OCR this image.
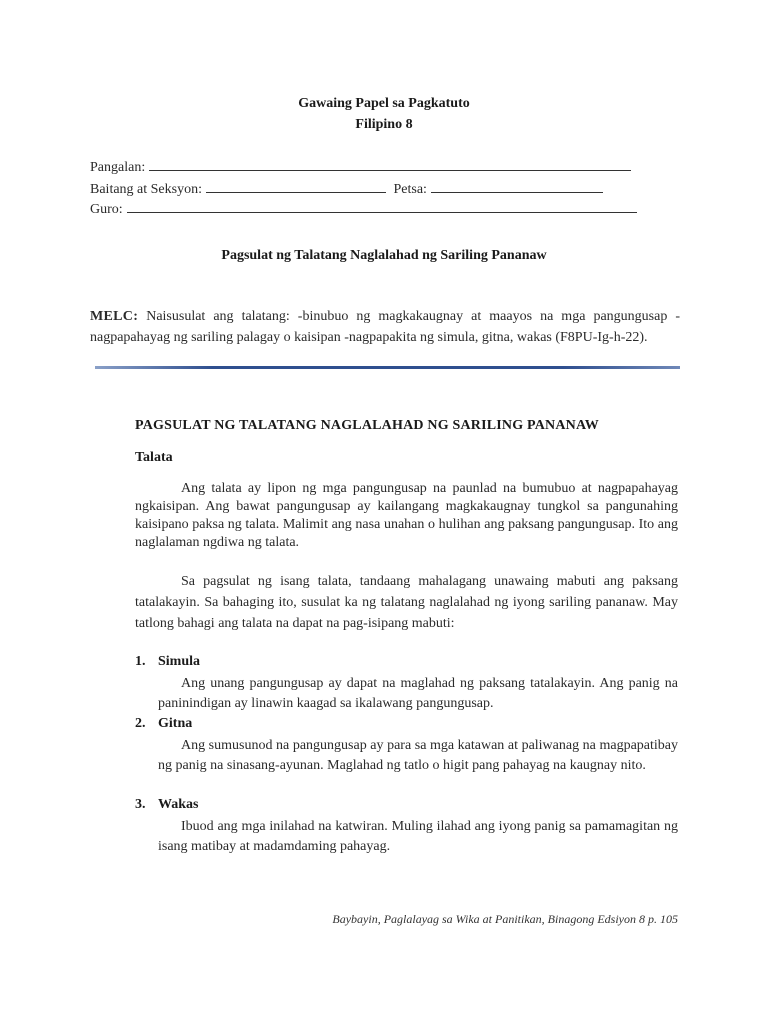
Gawaing Papel sa Pagkatuto
Filipino 8
Pangalan:
Baitang at Seksyon:	Petsa:
Guro:
Pagsulat ng Talatang Naglalahad ng Sariling Pananaw
MELC: Naisusulat ang talatang: -binubuo ng magkakaugnay at maayos na mga pangungusap -nagpapahayag ng sariling palagay o kaisipan -nagpapakita ng simula, gitna, wakas (F8PU-Ig-h-22).
PAGSULAT NG TALATANG NAGLALAHAD NG SARILING PANANAW
Talata
Ang talata ay lipon ng mga pangungusap na paunlad na bumubuo at nagpapahayag ngkaisipan. Ang bawat pangungusap ay kailangang magkakaugnay tungkol sa pangunahing kaisipano paksa ng talata. Malimit ang nasa unahan o hulihan ang paksang pangungusap. Ito ang naglalaman ngdiwa ng talata.
Sa pagsulat ng isang talata, tandaang mahalagang unawaing mabuti ang paksang tatalakayin. Sa bahaging ito, susulat ka ng talatang naglalahad ng iyong sariling pananaw. May tatlong bahagi ang talata na dapat na pag-isipang mabuti:
1. Simula
Ang unang pangungusap ay dapat na maglahad ng paksang tatalakayin. Ang panig na paninindigan ay linawin kaagad sa ikalawang pangungusap.
2. Gitna
Ang sumusunod na pangungusap ay para sa mga katawan at paliwanag na magpapatibay ng panig na sinasang-ayunan. Maglahad ng tatlo o higit pang pahayag na kaugnay nito.
3. Wakas
Ibuod ang mga inilahad na katwiran. Muling ilahad ang iyong panig sa pamamagitan ng isang matibay at madamdaming pahayag.
Baybayin, Paglalayag sa Wika at Panitikan, Binagong Edsiyon 8 p. 105
